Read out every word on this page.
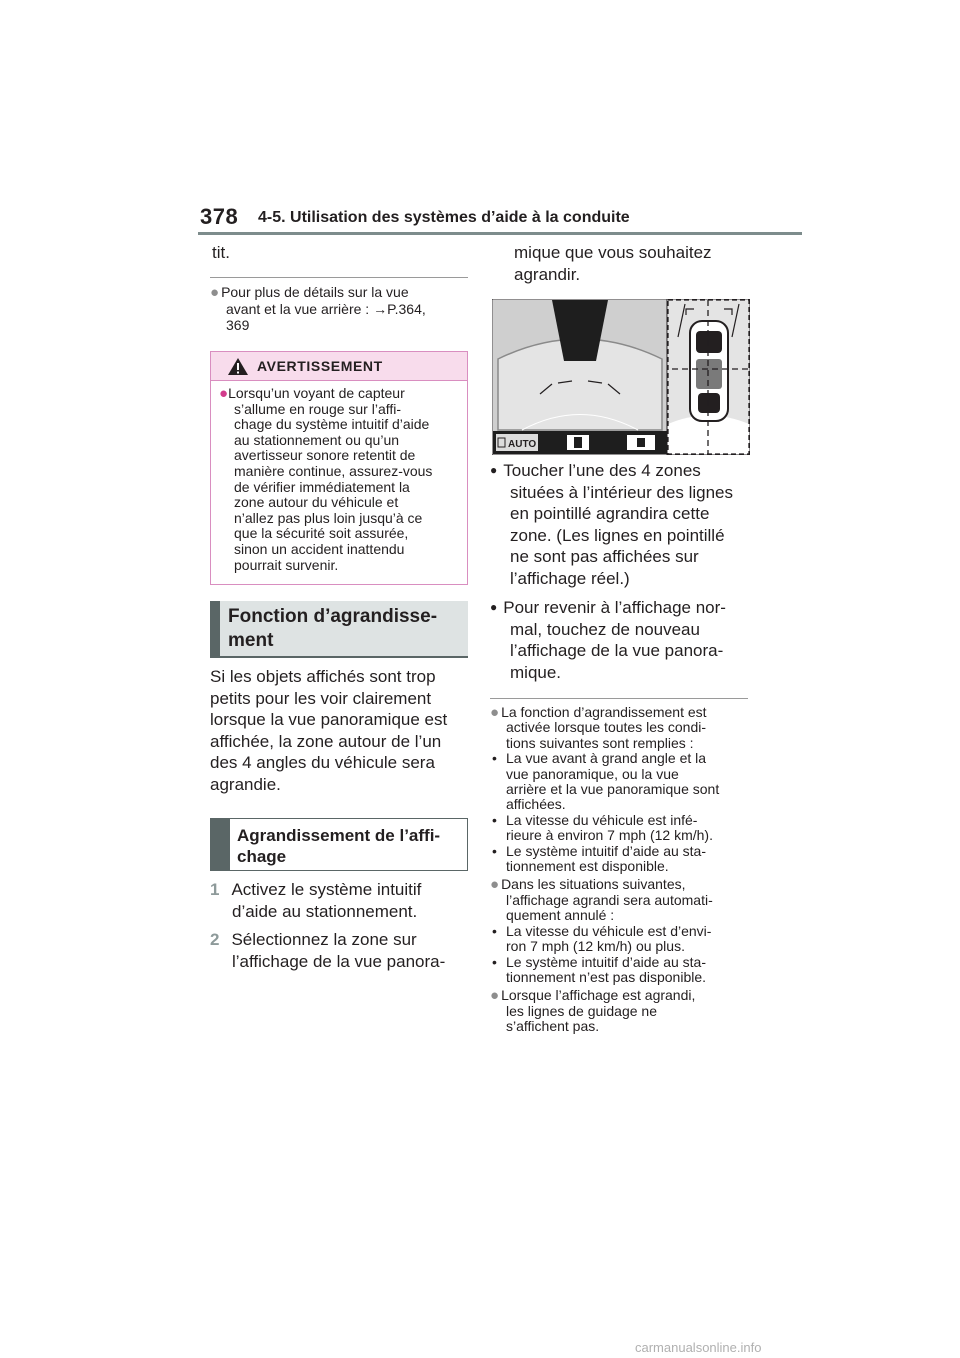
378 4-5. Utilisation des systèmes d’aide à la conduite
tit.
● Pour plus de détails sur la vue
avant et la vue arrière : →P.364,
369
AVERTISSEMENT
●Lorsqu’un voyant de capteur
s’allume en rouge sur l’affi-
chage du système intuitif d’aide
au stationnement ou qu’un
avertisseur sonore retentit de
manière continue, assurez-vous
de vérifier immédiatement la
zone autour du véhicule et
n’allez pas plus loin jusqu’à ce
que la sécurité soit assurée,
sinon un accident inattendu
pourrait survenir.
Fonction d’agrandisse-
ment
Si les objets affichés sont trop
petits pour les voir clairement
lorsque la vue panoramique est
affichée, la zone autour de l’un
des 4 angles du véhicule sera
agrandie.
Agrandissement de l’affi-
chage
1 Activez le système intuitif
d’aide au stationnement.
2 Sélectionnez la zone sur
l’affichage de la vue panora-
mique que vous souhaitez
agrandir.
AUTO
● Toucher l’une des 4 zones
situées à l’intérieur des lignes
en pointillé agrandira cette
zone. (Les lignes en pointillé
ne sont pas affichées sur
l’affichage réel.)
● Pour revenir à l’affichage nor-
mal, touchez de nouveau
l’affichage de la vue panora-
mique.
● La fonction d’agrandissement est
activée lorsque toutes les condi-
tions suivantes sont remplies :
•La vue avant à grand angle et la
vue panoramique, ou la vue
arrière et la vue panoramique sont
affichées.
•La vitesse du véhicule est infé-
rieure à environ 7 mph (12 km/h).
•Le système intuitif d’aide au sta-
tionnement est disponible.
● Dans les situations suivantes,
l’affichage agrandi sera automati-
quement annulé :
•La vitesse du véhicule est d’envi-
ron 7 mph (12 km/h) ou plus.
•Le système intuitif d’aide au sta-
tionnement n’est pas disponible.
● Lorsque l’affichage est agrandi,
les lignes de guidage ne
s’affichent pas.
carmanualsonline.info
